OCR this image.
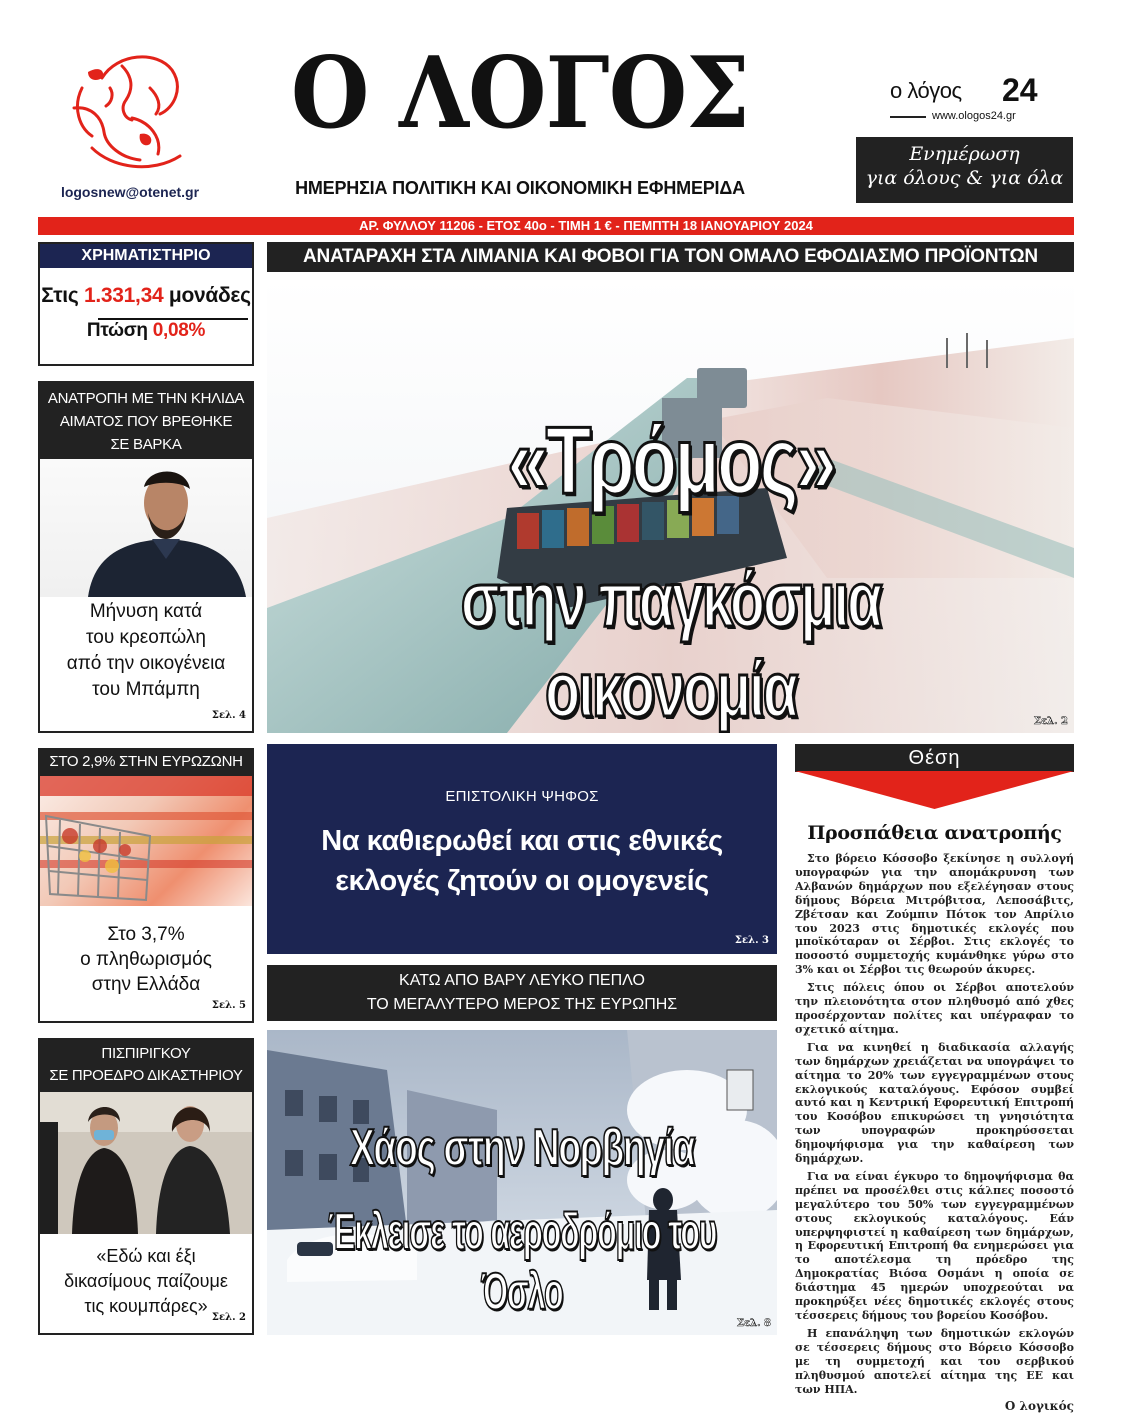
logosnew@otenet.gr
Ο ΛΟΓΟΣ
ΗΜΕΡΗΣΙΑ ΠΟΛΙΤΙΚΗ ΚΑΙ ΟΙΚΟΝΟΜΙΚΗ ΕΦΗΜΕΡΙΔΑ
ο λόγος 24
www.ologos24.gr
Ενημέρωση
για όλους & για όλα
ΑΡ. ΦΥΛΛΟΥ 11206 - ΕΤΟΣ 40ο - ΤΙΜΗ 1 € - ΠΕΜΠΤΗ 18 ΙΑΝΟΥΑΡΙΟΥ 2024
ΧΡΗΜΑΤΙΣΤΗΡΙΟ
Στις 1.331,34 μονάδες
Πτώση 0,08%
ΑΝΑΤΡΟΠΗ ΜΕ ΤΗΝ ΚΗΛΙΔΑ
ΑΙΜΑΤΟΣ ΠΟΥ ΒΡΕΘΗΚΕ
ΣΕ ΒΑΡΚΑ
Μήνυση κατά
του κρεοπώλη
από την οικογένεια
του Μπάμπη
Σελ. 4
ΣΤΟ 2,9% ΣΤΗΝ ΕΥΡΩΖΩΝΗ
Στο 3,7%
ο πληθωρισμός
στην Ελλάδα
Σελ. 5
ΠΙΣΠΙΡΙΓΚΟΥ
ΣΕ ΠΡΟΕΔΡΟ ΔΙΚΑΣΤΗΡΙΟΥ
«Εδώ και έξι
δικασίμους παίζουμε
τις κουμπάρες»
Σελ. 2
ΑΝΑΤΑΡΑΧΗ ΣΤΑ ΛΙΜΑΝΙΑ ΚΑΙ ΦΟΒΟΙ ΓΙΑ ΤΟΝ ΟΜΑΛΟ ΕΦΟΔΙΑΣΜΟ ΠΡΟΪΟΝΤΩΝ
«Τρόμος»
στην παγκόσμια οικονομία	Σελ. 2
ΕΠΙΣΤΟΛΙΚΗ ΨΗΦΟΣ
Να καθιερωθεί και στις εθνικές
εκλογές ζητούν οι ομογενείς
Σελ. 3
ΚΑΤΩ ΑΠΟ ΒΑΡΥ ΛΕΥΚΟ ΠΕΠΛΟ
ΤΟ ΜΕΓΑΛΥΤΕΡΟ ΜΕΡΟΣ ΤΗΣ ΕΥΡΩΠΗΣ
Χάος στην Νορβηγία
Έκλεισε το αεροδρόμιο του Όσλο
Σελ. 8
Θέση
Προσπάθεια ανατροπής

Στο βόρειο Κόσσοβο ξεκίνησε η συλλογή υπογραφών για την απομάκρυνση των Αλβανών δημάρχων που εξελέγησαν στους δήμους Βόρεια Μιτρόβιτσα, Λεποσάβιτς, Ζβέτσαν και Ζούμπιν Πότοκ τον Απρίλιο του 2023 στις δημοτικές εκλογές που μποϊκόταραν οι Σέρβοι. Στις εκλογές το ποσοστό συμμετοχής κυμάνθηκε γύρω στο 3% και οι Σέρβοι τις θεωρούν άκυρες.

Στις πόλεις όπου οι Σέρβοι αποτελούν την πλειονότητα στον πληθυσμό από χθες προσέρχονταν πολίτες και υπέγραφαν το σχετικό αίτημα.

Για να κινηθεί η διαδικασία αλλαγής των δημάρχων χρειάζεται να υπογράψει το αίτημα το 20% των εγγεγραμμένων στους εκλογικούς καταλόγους. Εφόσον συμβεί αυτό και η Κεντρική Εφορευτική Επιτροπή του Κοσόβου επικυρώσει τη γνησιότητα των υπογραφών προκηρύσσεται δημοψήφισμα για την καθαίρεση των δημάρχων.

Για να είναι έγκυρο το δημοψήφισμα θα πρέπει να προσέλθει στις κάλπες ποσοστό μεγαλύτερο του 50% των εγγεγραμμένων στους εκλογικούς καταλόγους. Εάν υπερψηφιστεί η καθαίρεση των δημάρχων, η Εφορευτική Επιτροπή θα ενημερώσει για το αποτέλεσμα τη πρόεδρο της Δημοκρατίας Βιόσα Οσμάνι η οποία σε διάστημα 45 ημερών υποχρεούται να προκηρύξει νέες δημοτικές εκλογές στους τέσσερεις δήμους του βορείου Κοσόβου.

Η επανάληψη των δημοτικών εκλογών σε τέσσερεις δήμους στο Βόρειο Κόσσοβο με τη συμμετοχή και του σερβικού πληθυσμού αποτελεί αίτημα της ΕΕ και των ΗΠΑ.

Ο λογικός
